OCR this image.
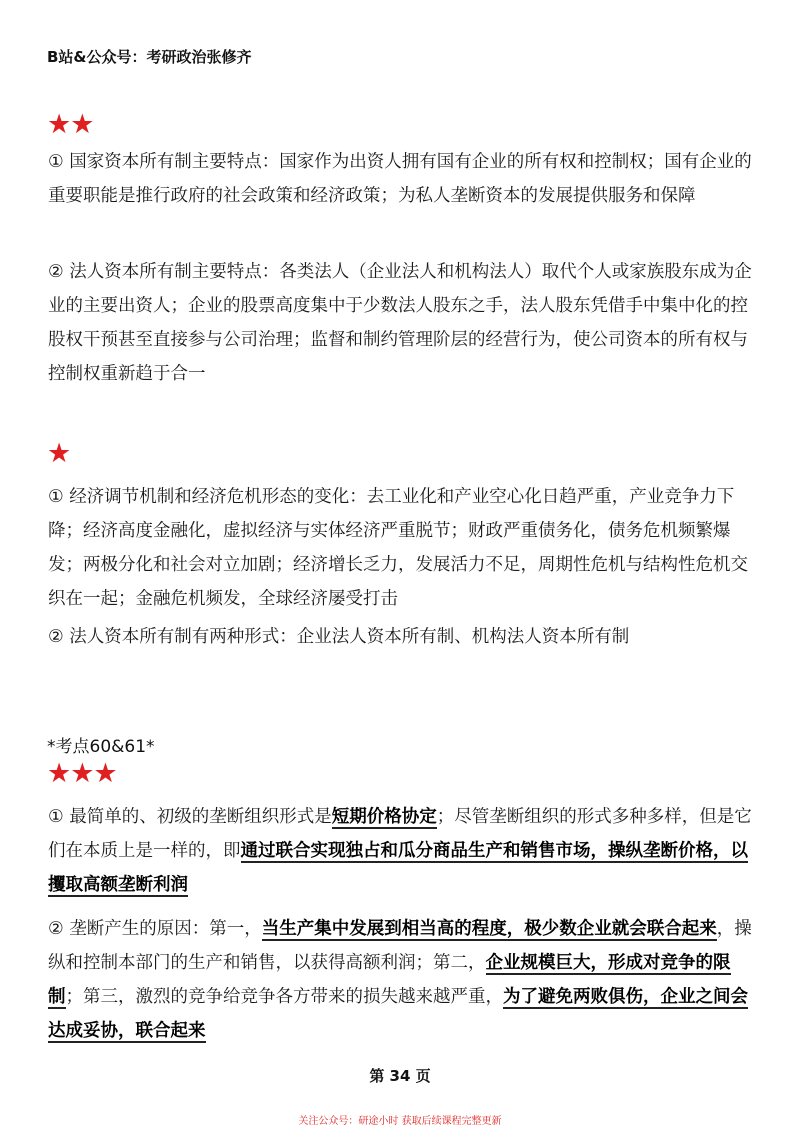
B站&公众号：考研政治张修齐
★★
① 国家资本所有制主要特点：国家作为出资人拥有国有企业的所有权和控制权；国有企业的重要职能是推行政府的社会政策和经济政策；为私人垄断资本的发展提供服务和保障
② 法人资本所有制主要特点：各类法人（企业法人和机构法人）取代个人或家族股东成为企业的主要出资人；企业的股票高度集中于少数法人股东之手，法人股东凭借手中集中化的控股权干预甚至直接参与公司治理；监督和制约管理阶层的经营行为，使公司资本的所有权与控制权重新趋于合一
★
① 经济调节机制和经济危机形态的变化：去工业化和产业空心化日趋严重，产业竞争力下降；经济高度金融化，虚拟经济与实体经济严重脱节；财政严重债务化，债务危机频繁爆发；两极分化和社会对立加剧；经济增长乏力，发展活力不足，周期性危机与结构性危机交织在一起；金融危机频发，全球经济屡受打击
② 法人资本所有制有两种形式：企业法人资本所有制、机构法人资本所有制
*考点60&61*
★★★
① 最简单的、初级的垄断组织形式是短期价格协定；尽管垄断组织的形式多种多样，但是它们在本质上是一样的，即通过联合实现独占和瓜分商品生产和销售市场，操纵垄断价格，以攫取高额垄断利润
② 垄断产生的原因：第一，当生产集中发展到相当高的程度，极少数企业就会联合起来，操纵和控制本部门的生产和销售，以获得高额利润；第二，企业规模巨大，形成对竞争的限制；第三，激烈的竞争给竞争各方带来的损失越来越严重，为了避免两败俱伤，企业之间会达成妥协，联合起来
第 34 页
关注公众号：研途小时 获取后续课程完整更新
